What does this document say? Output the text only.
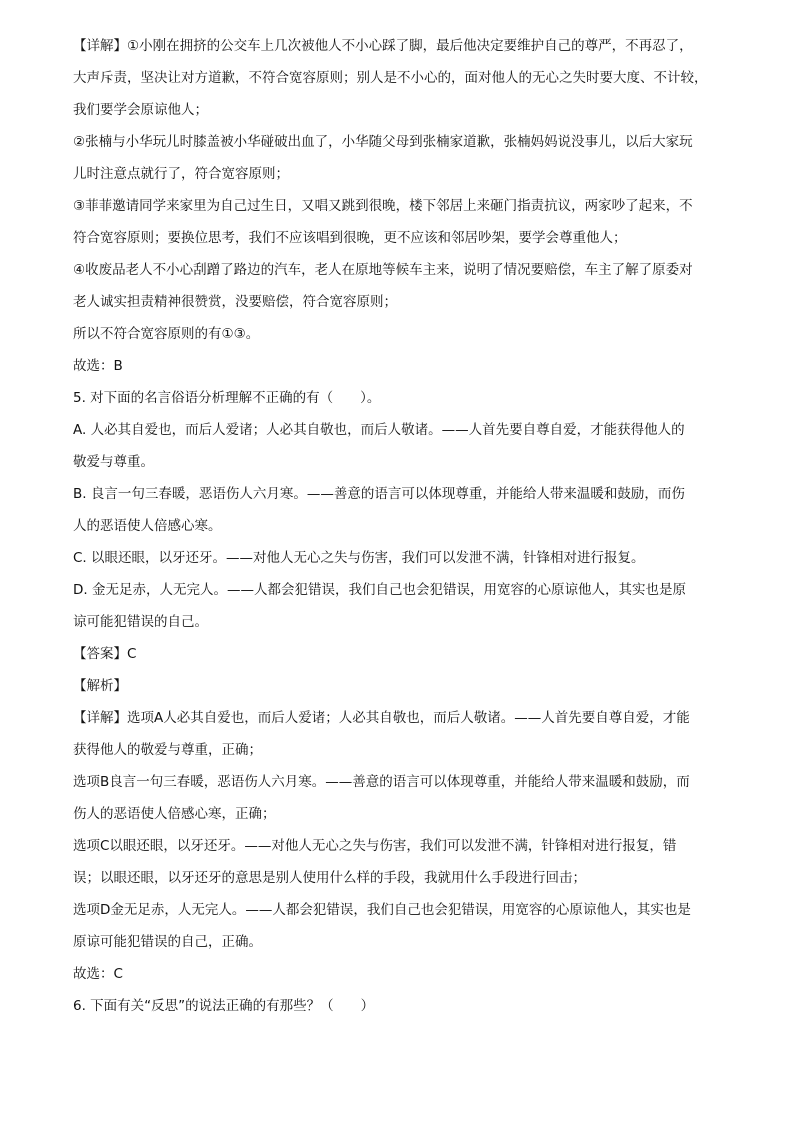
【详解】①小刚在拥挤的公交车上几次被他人不小心踩了脚，最后他决定要维护自己的尊严，不再忍了，
大声斥责，坚决让对方道歉，不符合宽容原则；别人是不小心的，面对他人的无心之失时要大度、不计较，
我们要学会原谅他人；
②张楠与小华玩儿时膝盖被小华碰破出血了，小华随父母到张楠家道歉，张楠妈妈说没事儿，以后大家玩
儿时注意点就行了，符合宽容原则；
③菲菲邀请同学来家里为自己过生日，又唱又跳到很晚，楼下邻居上来砸门指责抗议，两家吵了起来，不
符合宽容原则；要换位思考，我们不应该唱到很晚，更不应该和邻居吵架，要学会尊重他人；
④收废品老人不小心刮蹭了路边的汽车，老人在原地等候车主来，说明了情况要赔偿，车主了解了原委对
老人诚实担责精神很赞赏，没要赔偿，符合宽容原则；
所以不符合宽容原则的有①③。
故选：B
5. 对下面的名言俗语分析理解不正确的有（　　）。
A. 人必其自爱也，而后人爱诸；人必其自敬也，而后人敬诸。——人首先要自尊自爱，才能获得他人的
敬爱与尊重。
B. 良言一句三春暖，恶语伤人六月寒。——善意的语言可以体现尊重，并能给人带来温暖和鼓励，而伤
人的恶语使人倍感心寒。
C. 以眼还眼，以牙还牙。——对他人无心之失与伤害，我们可以发泄不满，针锋相对进行报复。
D. 金无足赤，人无完人。——人都会犯错误，我们自己也会犯错误，用宽容的心原谅他人，其实也是原
谅可能犯错误的自己。
【答案】C
【解析】
【详解】选项A人必其自爱也，而后人爱诸；人必其自敬也，而后人敬诸。——人首先要自尊自爱，才能
获得他人的敬爱与尊重，正确；
选项B良言一句三春暖，恶语伤人六月寒。——善意的语言可以体现尊重，并能给人带来温暖和鼓励，而
伤人的恶语使人倍感心寒，正确；
选项C以眼还眼，以牙还牙。——对他人无心之失与伤害，我们可以发泄不满，针锋相对进行报复，错
误；以眼还眼，以牙还牙的意思是别人使用什么样的手段，我就用什么手段进行回击；
选项D金无足赤，人无完人。——人都会犯错误，我们自己也会犯错误，用宽容的心原谅他人，其实也是
原谅可能犯错误的自己，正确。
故选：C
6. 下面有关“反思”的说法正确的有那些？（　　）
